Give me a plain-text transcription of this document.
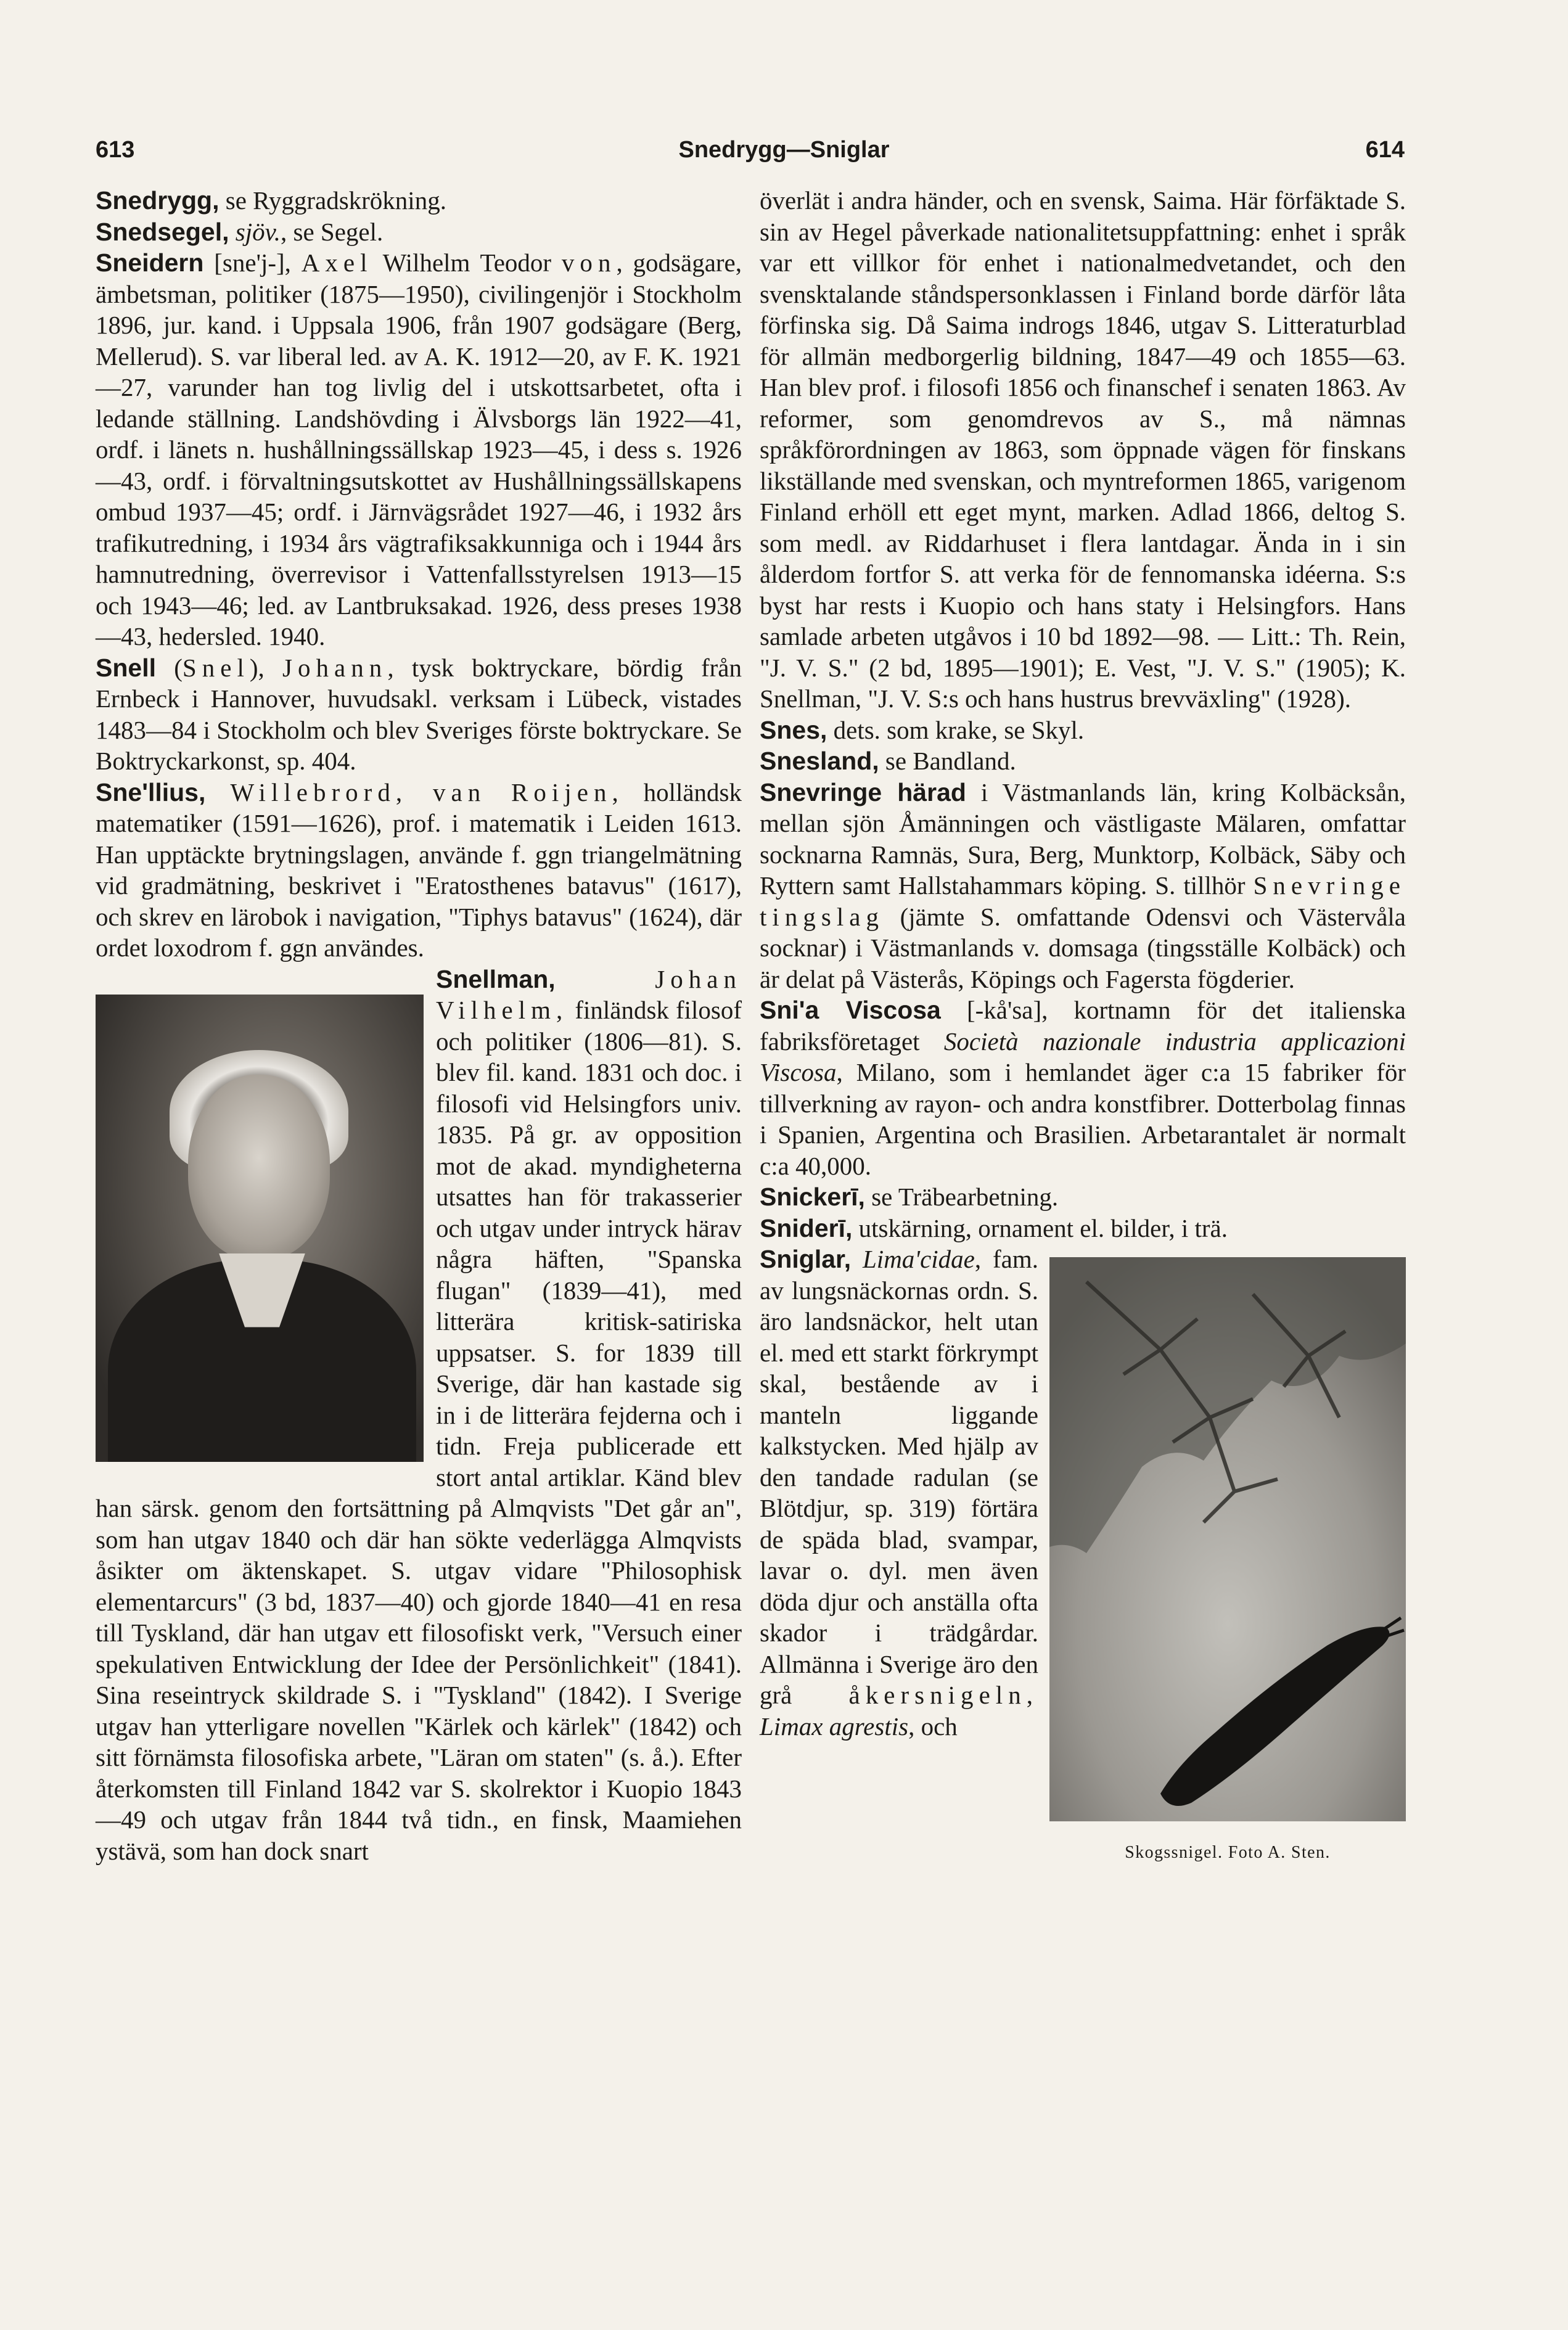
613	Snedrygg—Sniglar	614

Snedrygg, se Ryggradskrökning.

Snedsegel, sjöv., se Segel.

Sneidern [sne'j-], Axel Wilhelm Teodor von, godsägare, ämbetsman, politiker (1875—1950), civilingenjör i Stockholm 1896, jur. kand. i Uppsala 1906, från 1907 godsägare (Berg, Mellerud). S. var liberal led. av A. K. 1912—20, av F. K. 1921—27, varunder han tog livlig del i utskottsarbetet, ofta i ledande ställning. Landshövding i Älvsborgs län 1922—41, ordf. i länets n. hushållningssällskap 1923—45, i dess s. 1926—43, ordf. i förvaltningsutskottet av Hushållningssällskapens ombud 1937—45; ordf. i Järnvägsrådet 1927—46, i 1932 års trafikutredning, i 1934 års vägtrafiksakkunniga och i 1944 års hamnutredning, överrevisor i Vattenfallsstyrelsen 1913—15 och 1943—46; led. av Lantbruksakad. 1926, dess preses 1938—43, hedersled. 1940.

Snell (Snel), Johann, tysk boktryckare, bördig från Ernbeck i Hannover, huvudsakl. verksam i Lübeck, vistades 1483—84 i Stockholm och blev Sveriges förste boktryckare. Se Boktryckarkonst, sp. 404.

Sne'llius, Willebrord, van Roijen, holländsk matematiker (1591—1626), prof. i matematik i Leiden 1613. Han upptäckte brytningslagen, använde f. ggn triangelmätning vid gradmätning, beskrivet i "Eratosthenes batavus" (1617), och skrev en lärobok i navigation, "Tiphys batavus" (1624), där ordet loxodrom f. ggn användes.

Snellman, Johan Vilhelm, finländsk filosof och politiker (1806—81). S. blev fil. kand. 1831 och doc. i filosofi vid Helsingfors univ. 1835. På gr. av opposition mot de akad. myndigheterna utsattes han för trakasserier och utgav under intryck härav några häften, "Spanska flugan" (1839—41), med litterära kritisk-satiriska uppsatser. S. for 1839 till Sverige, där han kastade sig in i de litterära fejderna och i tidn. Freja publicerade ett stort antal artiklar. Känd blev han särsk. genom den fortsättning på Almqvists "Det går an", som han utgav 1840 och där han sökte vederlägga Almqvists åsikter om äktenskapet. S. utgav vidare "Philosophisk elementarcurs" (3 bd, 1837—40) och gjorde 1840—41 en resa till Tyskland, där han utgav ett filosofiskt verk, "Versuch einer spekulativen Entwicklung der Idee der Persönlichkeit" (1841). Sina reseintryck skildrade S. i "Tyskland" (1842). I Sverige utgav han ytterligare novellen "Kärlek och kärlek" (1842) och sitt förnämsta filosofiska arbete, "Läran om staten" (s. å.). Efter återkomsten till Finland 1842 var S. skolrektor i Kuopio 1843—49 och utgav från 1844 två tidn., en finsk, Maamiehen ystävä, som han dock snart

överlät i andra händer, och en svensk, Saima. Här förfäktade S. sin av Hegel påverkade nationalitetsuppfattning: enhet i språk var ett villkor för enhet i nationalmedvetandet, och den svensktalande ståndspersonklassen i Finland borde därför låta förfinska sig. Då Saima indrogs 1846, utgav S. Litteraturblad för allmän medborgerlig bildning, 1847—49 och 1855—63. Han blev prof. i filosofi 1856 och finanschef i senaten 1863. Av reformer, som genomdrevos av S., må nämnas språkförordningen av 1863, som öppnade vägen för finskans likställande med svenskan, och myntreformen 1865, varigenom Finland erhöll ett eget mynt, marken. Adlad 1866, deltog S. som medl. av Riddarhuset i flera lantdagar. Ända in i sin ålderdom fortfor S. att verka för de fennomanska idéerna. S:s byst har rests i Kuopio och hans staty i Helsingfors. Hans samlade arbeten utgåvos i 10 bd 1892—98. — Litt.: Th. Rein, "J. V. S." (2 bd, 1895—1901); E. Vest, "J. V. S." (1905); K. Snellman, "J. V. S:s och hans hustrus brevväxling" (1928).

Snes, dets. som krake, se Skyl.

Snesland, se Bandland.

Snevringe härad i Västmanlands län, kring Kolbäcksån, mellan sjön Åmänningen och västligaste Mälaren, omfattar socknarna Ramnäs, Sura, Berg, Munktorp, Kolbäck, Säby och Ryttern samt Hallstahammars köping. S. tillhör Snevringe tingslag (jämte S. omfattande Odensvi och Västervåla socknar) i Västmanlands v. domsaga (tingsställe Kolbäck) och är delat på Västerås, Köpings och Fagersta fögderier.

Sni'a Viscosa [-kå'sa], kortnamn för det italienska fabriksföretaget Società nazionale industria applicazioni Viscosa, Milano, som i hemlandet äger c:a 15 fabriker för tillverkning av rayon- och andra konstfibrer. Dotterbolag finnas i Spanien, Argentina och Brasilien. Arbetarantalet är normalt c:a 40,000.

Snickerī, se Träbearbetning.

Sniderī, utskärning, ornament el. bilder, i trä.

Skogssnigel. Foto A. Sten.

Sniglar, Lima'cidae, fam. av lungsnäckornas ordn. S. äro landsnäckor, helt utan el. med ett starkt förkrympt skal, bestående av i manteln liggande kalkstycken. Med hjälp av den tandade radulan (se Blötdjur, sp. 319) förtära de späda blad, svampar, lavar o. dyl. men även döda djur och anställa ofta skador i trädgårdar. Allmänna i Sverige äro den grå åkersnigeln, Limax agrestis, och
